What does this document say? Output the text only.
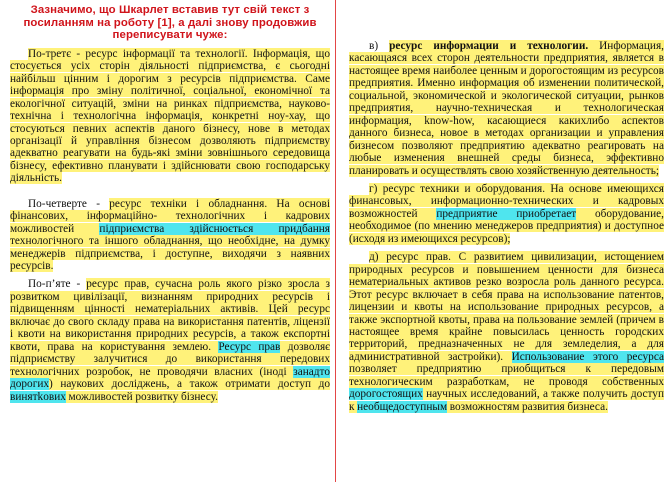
Зазначимо, що Шкарлет вставив тут свій текст з посиланням на роботу [1], а далі знову продовжив переписувати чуже:

По-третє - ресурс інформації та технології. Інформація, що стосується усіх сторін діяльності підприємства, є сьогодні найбільш цінним і дорогим з ресурсів підприємства. Саме інформація про зміну політичної, соціальної, економічної та екологічної ситуацій, зміни на ринках підприємства, науково-технічна і технологічна інформація, конкретні ноу-хау, що стосуються певних аспектів даного бізнесу, нове в методах організації й управління бізнесом дозволяють підприємству адекватно реагувати на будь-які зміни зовнішнього середовища бізнесу, ефективно планувати і здійснювати свою господарську діяльність.

По-четверте - ресурс техніки і обладнання. На основі фінансових, інформаційно- технологічних і кадрових можливостей підприємства здійснюється придбання технологічного та іншого обладнання, що необхідне, на думку менеджерів підприємства, і доступне, виходячи з наявних ресурсів.

По-п’яте - ресурс прав, сучасна роль якого різко зросла з розвитком цивілізації, визнанням природних ресурсів і підвищенням цінності нематеріальних активів. Цей ресурс включає до свого складу права на використання патентів, ліцензії і квоти на використання природних ресурсів, а також експортні квоти, права на користування землею. Ресурс прав дозволяє підприємству залучитися до використання передових технологічних розробок, не проводячи власних (іноді занадто дорогих) наукових досліджень, а також отримати доступ до винятkових можливостей розвитку бізнесу.

в) ресурс информации и технологии. Информация, касающаяся всех сторон деятельности предприятия, является в настоящее время наиболее ценным и дорогостоящим из ресурсов предприятия. Именно информация об изменении политической, социальной, экономической и экологической ситуации, рынков предприятия, научно-техническая и технологическая информация, know-how, касающиеся какихлибо аспектов данного бизнеса, новое в методах организации и управления бизнесом позволяют предприятию адекватно реагировать на любые изменения внешней среды бизнеса, эффективно планировать и осуществлять свою хозяйственную деятельность;

г) ресурс техники и оборудования. На основе имеющихся финансовых, информационно-технических и кадровых возможностей предприятие приобретает оборудование, необходимое (по мнению менеджеров предприятия) и доступное (исходя из имеющихся ресурсов);

д) ресурс прав. С развитием цивилизации, истощением природных ресурсов и повышением ценности для бизнеса нематериальных активов резко возросла роль данного ресурса. Этот ресурс включает в себя права на использование патентов, лицензии и квоты на использование природных ресурсов, а также экспортной квоты, права на пользование землей (причем в настоящее время крайне повысилась ценность городских территорий, предназначенных не для земледелия, а для административной застройки). Использование этого ресурса позволяет предприятию приобщиться к передовым технологическим разработкам, не проводя собственных дорогостоящих научных исследований, а также получить доступ к необщедоступным возможностям развития бизнеса.
